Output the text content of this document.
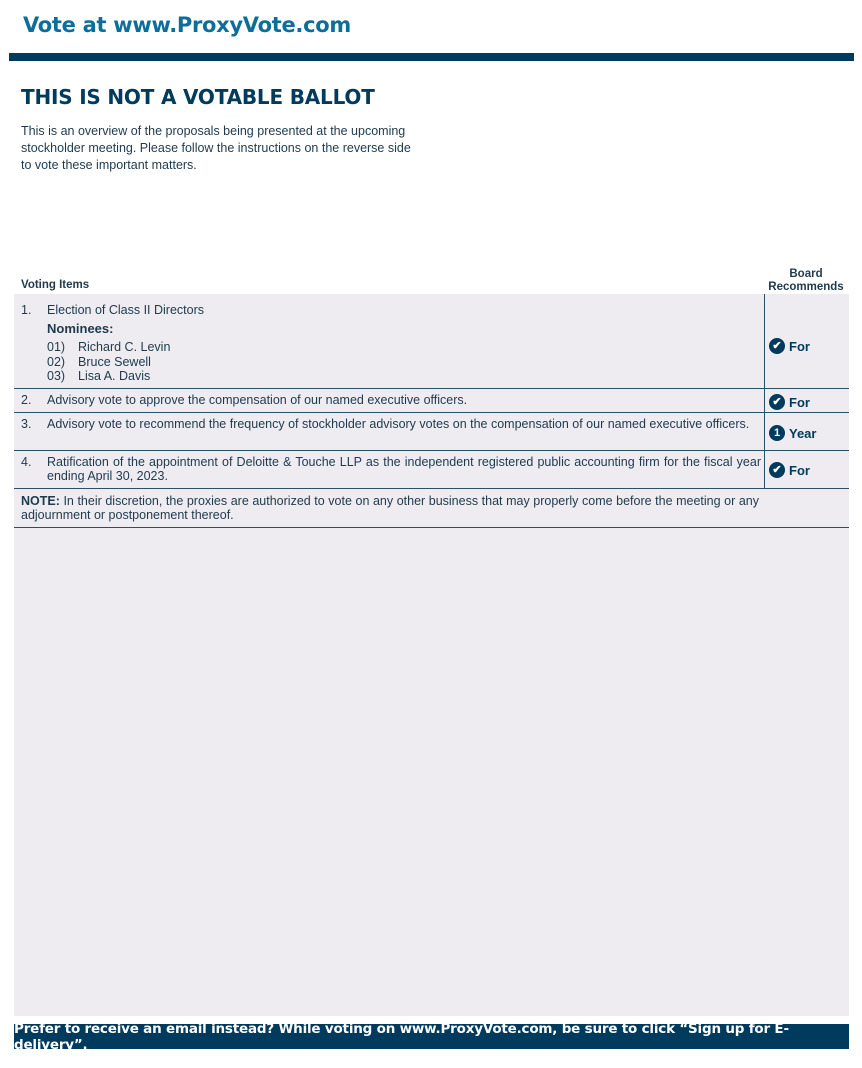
Vote at www.ProxyVote.com
THIS IS NOT A VOTABLE BALLOT
This is an overview of the proposals being presented at the upcoming stockholder meeting. Please follow the instructions on the reverse side to vote these important matters.
Voting Items
Board
Recommends
1. Election of Class II Directors
Nominees:
01) Richard C. Levin
02) Bruce Sewell
03) Lisa A. Davis
✔ For
2. Advisory vote to approve the compensation of our named executive officers.	✔ For
3. Advisory vote to recommend the frequency of stockholder advisory votes on the compensation of our named executive officers.
1 Year
4. Ratification of the appointment of Deloitte & Touche LLP as the independent registered public accounting firm for the fiscal year ending April 30, 2023.	✔ For
NOTE: In their discretion, the proxies are authorized to vote on any other business that may properly come before the meeting or any adjournment or postponement thereof.
Prefer to receive an email instead? While voting on www.ProxyVote.com, be sure to click “Sign up for E-delivery”.
